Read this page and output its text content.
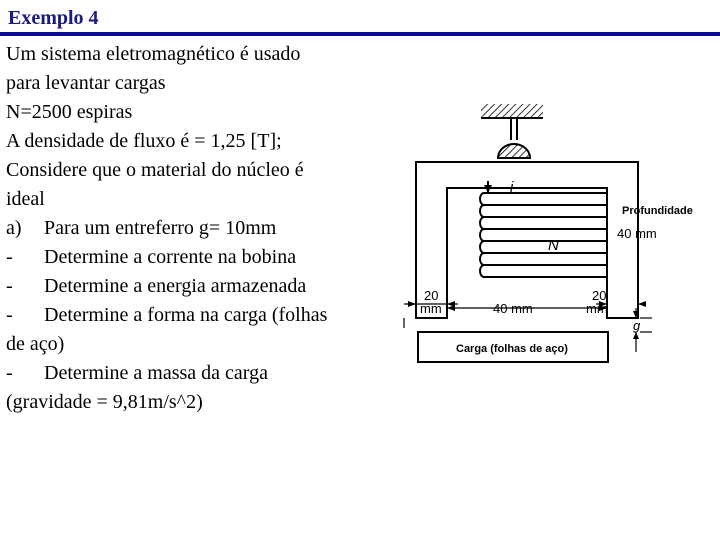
Exemplo 4
Um sistema eletromagnético é usado
para levantar cargas
N=2500 espiras
A densidade de fluxo é = 1,25 [T];
Considere que o material do núcleo é
ideal
a)	Para um entreferro g= 10mm
-	Determine a corrente na bobina
-	Determine a energia armazenada
-	Determine a forma na carga (folhas
de aço)
-	Determine a massa da carga
(gravidade = 9,81m/s^2)
i
N
Profundidade
40 mm
20
mm	40 mm
20
mm
g
Carga (folhas de aço)
